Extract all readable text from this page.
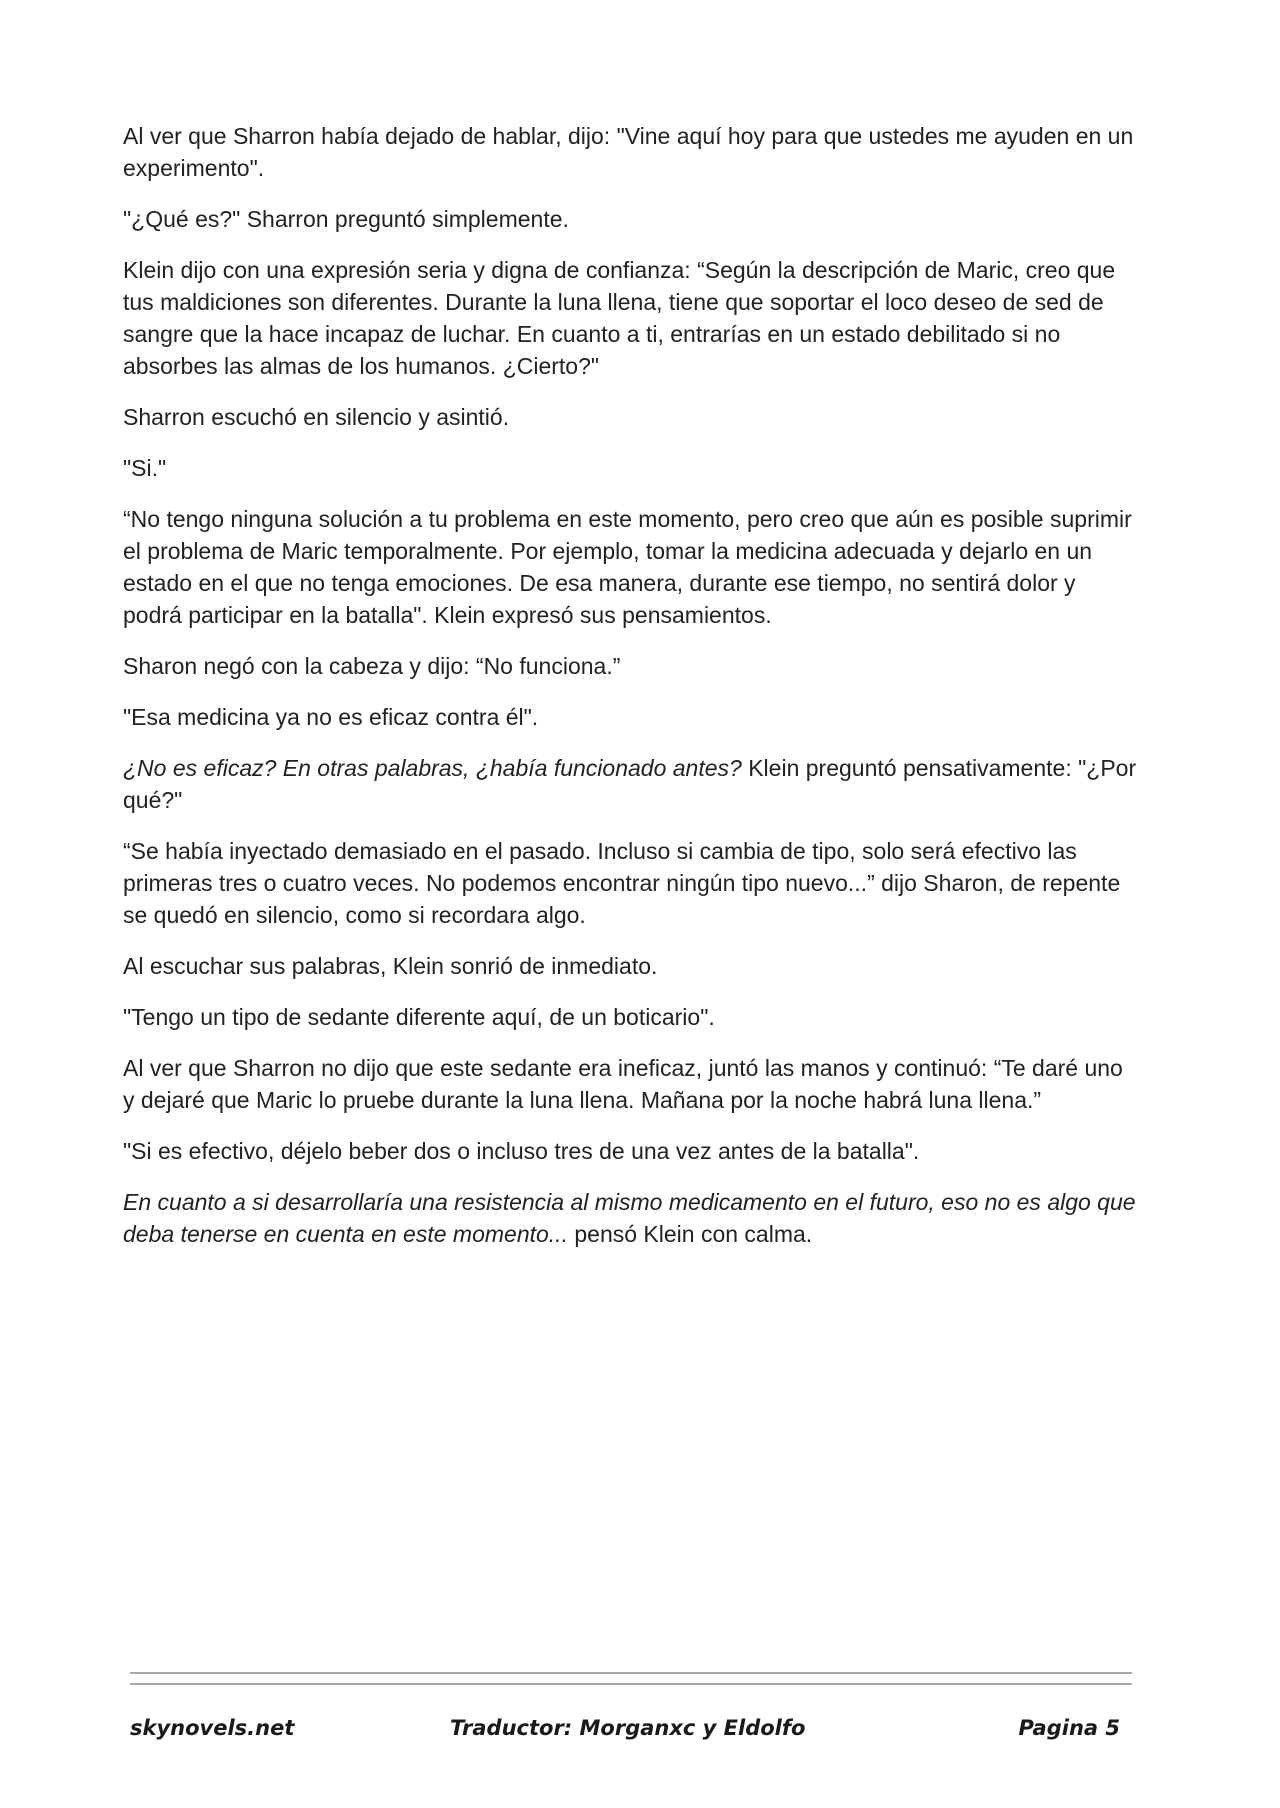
Al ver que Sharron había dejado de hablar, dijo: "Vine aquí hoy para que ustedes me ayuden en un experimento".

"¿Qué es?" Sharron preguntó simplemente.

Klein dijo con una expresión seria y digna de confianza: “Según la descripción de Maric, creo que tus maldiciones son diferentes. Durante la luna llena, tiene que soportar el loco deseo de sed de sangre que la hace incapaz de luchar. En cuanto a ti, entrarías en un estado debilitado si no absorbes las almas de los humanos. ¿Cierto?"

Sharron escuchó en silencio y asintió.

"Si."

“No tengo ninguna solución a tu problema en este momento, pero creo que aún es posible suprimir el problema de Maric temporalmente. Por ejemplo, tomar la medicina adecuada y dejarlo en un estado en el que no tenga emociones. De esa manera, durante ese tiempo, no sentirá dolor y podrá participar en la batalla". Klein expresó sus pensamientos.

Sharon negó con la cabeza y dijo: “No funciona.”

"Esa medicina ya no es eficaz contra él".

¿No es eficaz? En otras palabras, ¿había funcionado antes? Klein preguntó pensativamente: "¿Por qué?"

“Se había inyectado demasiado en el pasado. Incluso si cambia de tipo, solo será efectivo las primeras tres o cuatro veces. No podemos encontrar ningún tipo nuevo...” dijo Sharon, de repente se quedó en silencio, como si recordara algo.

Al escuchar sus palabras, Klein sonrió de inmediato.

"Tengo un tipo de sedante diferente aquí, de un boticario".

Al ver que Sharron no dijo que este sedante era ineficaz, juntó las manos y continuó: “Te daré uno y dejaré que Maric lo pruebe durante la luna llena. Mañana por la noche habrá luna llena.”

"Si es efectivo, déjelo beber dos o incluso tres de una vez antes de la batalla".

En cuanto a si desarrollaría una resistencia al mismo medicamento en el futuro, eso no es algo que deba tenerse en cuenta en este momento... pensó Klein con calma.

skynovels.net	Traductor: Morganxc y Eldolfo	Pagina 5
